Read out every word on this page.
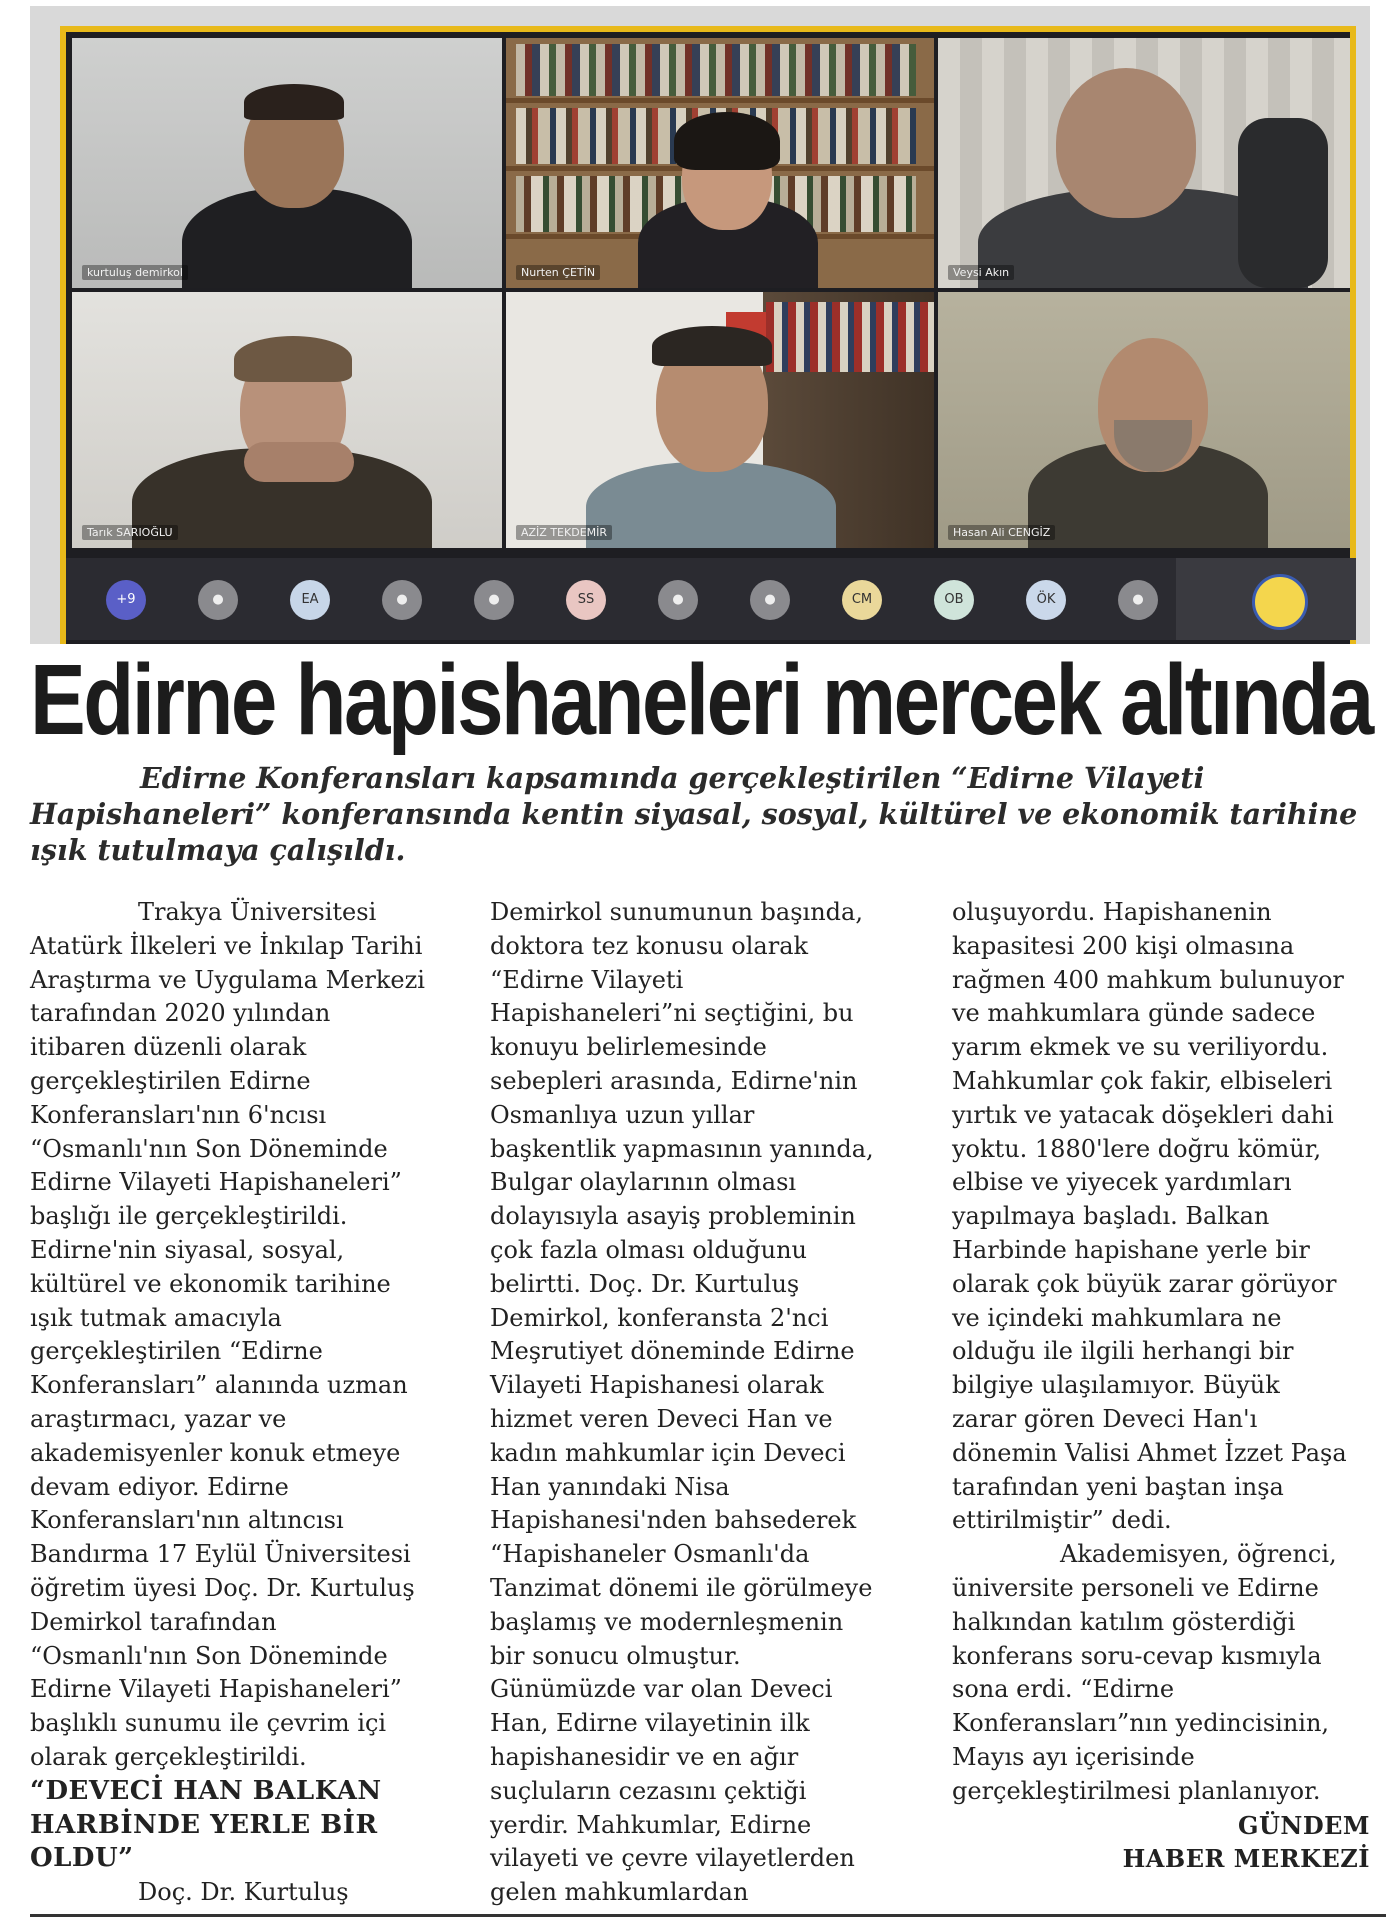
kurtuluş demirkol	Nurten ÇETİN	Veysi Akın
Tarık SARIOĞLU	AZİZ TEKDEMİR	Hasan Ali CENGİZ
+9	●	EA	●	●	SS	●	●	CM	OB	ÖK	●
Edirne hapishaneleri mercek altında

Edirne Konferansları kapsamında gerçekleştirilen “Edirne Vilayeti Hapishaneleri” konferansında kentin siyasal, sosyal, kültürel ve ekonomik tarihine ışık tutulmaya çalışıldı.

Trakya Üniversitesi Atatürk İlkeleri ve İnkılap Tarihi Araştırma ve Uygulama Merkezi tarafından 2020 yılından itibaren düzenli olarak gerçekleştirilen Edirne Konferansları'nın 6'ncısı “Osmanlı'nın Son Döneminde Edirne Vilayeti Hapishaneleri” başlığı ile gerçekleştirildi. Edirne'nin siyasal, sosyal, kültürel ve ekonomik tarihine ışık tutmak amacıyla gerçekleştirilen “Edirne Konferansları” alanında uzman araştırmacı, yazar ve akademisyenler konuk etmeye devam ediyor. Edirne Konferansları'nın altıncısı Bandırma 17 Eylül Üniversitesi öğretim üyesi Doç. Dr. Kurtuluş Demirkol tarafından “Osmanlı'nın Son Döneminde Edirne Vilayeti Hapishaneleri” başlıklı sunumu ile çevrim içi olarak gerçekleştirildi.

“DEVECİ HAN BALKAN HARBİNDE YERLE BİR OLDU”

Doç. Dr. Kurtuluş

Demirkol sunumunun başında, doktora tez konusu olarak “Edirne Vilayeti Hapishaneleri”ni seçtiğini, bu konuyu belirlemesinde sebepleri arasında, Edirne'nin Osmanlıya uzun yıllar başkentlik yapmasının yanında, Bulgar olaylarının olması dolayısıyla asayiş probleminin çok fazla olması olduğunu belirtti. Doç. Dr. Kurtuluş Demirkol, konferansta 2'nci Meşrutiyet döneminde Edirne Vilayeti Hapishanesi olarak hizmet veren Deveci Han ve kadın mahkumlar için Deveci Han yanındaki Nisa Hapishanesi'nden bahsederek “Hapishaneler Osmanlı'da Tanzimat dönemi ile görülmeye başlamış ve modernleşmenin bir sonucu olmuştur. Günümüzde var olan Deveci Han, Edirne vilayetinin ilk hapishanesidir ve en ağır suçluların cezasını çektiği yerdir. Mahkumlar, Edirne vilayeti ve çevre vilayetlerden gelen mahkumlardan

oluşuyordu. Hapishanenin kapasitesi 200 kişi olmasına rağmen 400 mahkum bulunuyor ve mahkumlara günde sadece yarım ekmek ve su veriliyordu. Mahkumlar çok fakir, elbiseleri yırtık ve yatacak döşekleri dahi yoktu. 1880'lere doğru kömür, elbise ve yiyecek yardımları yapılmaya başladı. Balkan Harbinde hapishane yerle bir olarak çok büyük zarar görüyor ve içindeki mahkumlara ne olduğu ile ilgili herhangi bir bilgiye ulaşılamıyor. Büyük zarar gören Deveci Han'ı dönemin Valisi Ahmet İzzet Paşa tarafından yeni baştan inşa ettirilmiştir” dedi.

Akademisyen, öğrenci, üniversite personeli ve Edirne halkından katılım gösterdiği konferans soru-cevap kısmıyla sona erdi. “Edirne Konferansları”nın yedincisinin, Mayıs ayı içerisinde gerçekleştirilmesi planlanıyor.

GÜNDEM
HABER MERKEZİ
